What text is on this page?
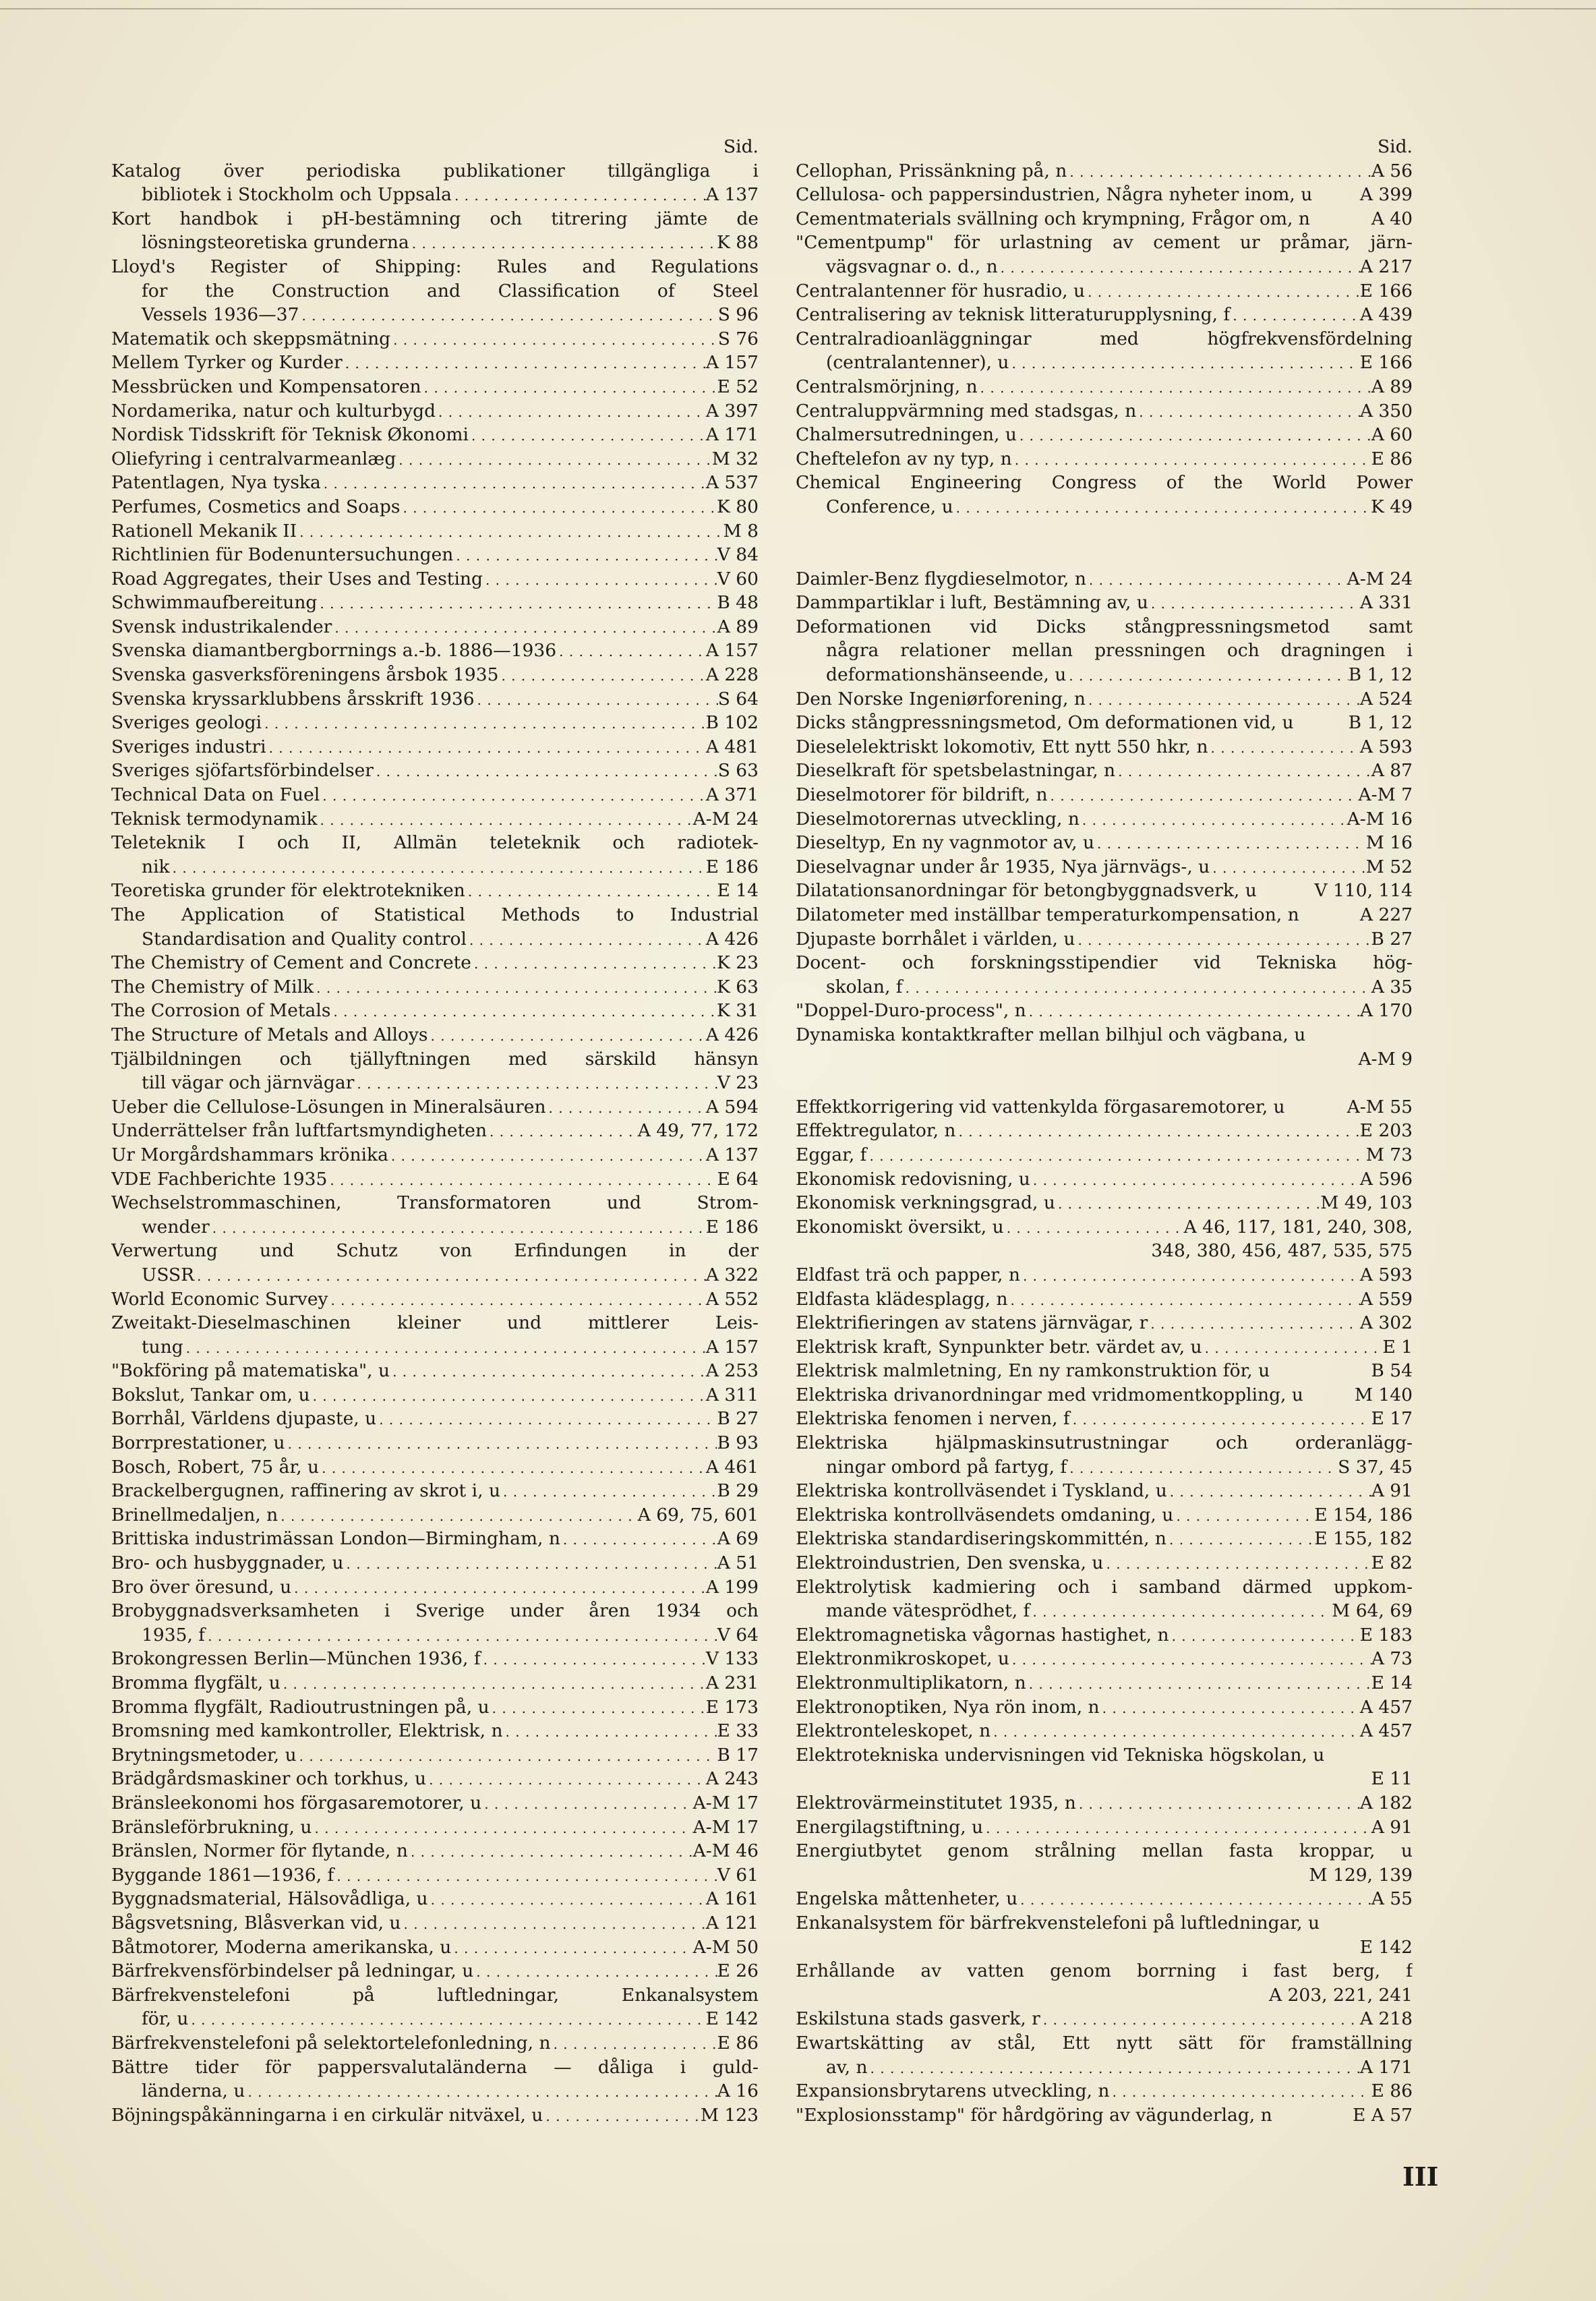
Sid.
Katalog över periodiska publikationer tillgängliga i
bibliotek i Stockholm och Uppsala . . .	A 137
Kort handbok i pH-bestämning och titrering jämte de
lösningsteoretiska grunderna . . .	K 88
Lloyd's Register of Shipping: Rules and Regulations
for the Construction and Classification of Steel
Vessels 1936—37 . . .	S 96
Matematik och skeppsmätning . . .	S 76
Mellem Tyrker og Kurder . . .	A 157
Messbrücken und Kompensatoren . . .	E 52
Nordamerika, natur och kulturbygd . . .	A 397
Nordisk Tidsskrift för Teknisk Økonomi . . .	A 171
Oliefyring i centralvarmeanlæg . . .	M 32
Patentlagen, Nya tyska . . .	A 537
Perfumes, Cosmetics and Soaps . . .	K 80
Rationell Mekanik II . . .	M 8
Richtlinien für Bodenuntersuchungen . . .	V 84
Road Aggregates, their Uses and Testing . . .	V 60
Schwimmaufbereitung . . .	B 48
Svensk industrikalender . . .	A 89
Svenska diamantbergborrnings a.-b. 1886—1936 . . .	A 157
Svenska gasverksföreningens årsbok 1935 . . .	A 228
Svenska kryssarklubbens årsskrift 1936 . . .	S 64
Sveriges geologi . . .	B 102
Sveriges industri . . .	A 481
Sveriges sjöfartsförbindelser . . .	S 63
Technical Data on Fuel . . .	A 371
Teknisk termodynamik . . .	A-M 24
Teleteknik I och II, Allmän teleteknik och radiotek-
nik . . .	E 186
Teoretiska grunder för elektrotekniken . . .	E 14
The Application of Statistical Methods to Industrial
Standardisation and Quality control . . .	A 426
The Chemistry of Cement and Concrete . . .	K 23
The Chemistry of Milk . . .	K 63
The Corrosion of Metals . . .	K 31
The Structure of Metals and Alloys . . .	A 426
Tjälbildningen och tjällyftningen med särskild hänsyn
till vägar och järnvägar . . .	V 23
Ueber die Cellulose-Lösungen in Mineralsäuren . . .	A 594
Underrättelser från luftfartsmyndigheten . . .	A 49, 77, 172
Ur Morgårdshammars krönika . . .	A 137
VDE Fachberichte 1935 . . .	E 64
Wechselstrommaschinen, Transformatoren und Strom-
wender . . .	E 186
Verwertung und Schutz von Erfindungen in der
USSR . . .	A 322
World Economic Survey . . .	A 552
Zweitakt-Dieselmaschinen kleiner und mittlerer Leis-
tung . . .	A 157
"Bokföring på matematiska", u . . .	A 253
Bokslut, Tankar om, u . . .	A 311
Borrhål, Världens djupaste, u . . .	B 27
Borrprestationer, u . . .	B 93
Bosch, Robert, 75 år, u . . .	A 461
Brackelbergugnen, raffinering av skrot i, u . . .	B 29
Brinellmedaljen, n . . .	A 69, 75, 601
Brittiska industrimässan London—Birmingham, n . . .	A 69
Bro- och husbyggnader, u . . .	A 51
Bro över öresund, u . . .	A 199
Brobyggnadsverksamheten i Sverige under åren 1934 och
1935, f . . .	V 64
Brokongressen Berlin—München 1936, f . . .	V 133
Bromma flygfält, u . . .	A 231
Bromma flygfält, Radioutrustningen på, u . . .	E 173
Bromsning med kamkontroller, Elektrisk, n . . .	E 33
Brytningsmetoder, u . . .	B 17
Brädgårdsmaskiner och torkhus, u . . .	A 243
Bränsleekonomi hos förgasaremotorer, u . . .	A-M 17
Bränsleförbrukning, u . . .	A-M 17
Bränslen, Normer för flytande, n . . .	A-M 46
Byggande 1861—1936, f . . .	V 61
Byggnadsmaterial, Hälsovådliga, u . . .	A 161
Bågsvetsning, Blåsverkan vid, u . . .	A 121
Båtmotorer, Moderna amerikanska, u . . .	A-M 50
Bärfrekvensförbindelser på ledningar, u . . .	E 26
Bärfrekvenstelefoni på luftledningar, Enkanalsystem
för, u . . .	E 142
Bärfrekvenstelefoni på selektortelefonledning, n . . .	E 86
Bättre tider för pappersvalutaländerna — dåliga i guld-
länderna, u . . .	A 16
Böjningspåkänningarna i en cirkulär nitväxel, u . . .	M 123
Sid.
Cellophan, Prissänkning på, n . . .	A 56
Cellulosa- och pappersindustrien, Några nyheter inom, u	A 399
Cementmaterials svällning och krympning, Frågor om, n	A 40
"Cementpump" för urlastning av cement ur pråmar, järn-
vägsvagnar o. d., n . . .	A 217
Centralantenner för husradio, u . . .	E 166
Centralisering av teknisk litteraturupplysning, f . . .	A 439
Centralradioanläggningar med högfrekvensfördelning
(centralantenner), u . . .	E 166
Centralsmörjning, n . . .	A 89
Centraluppvärmning med stadsgas, n . . .	A 350
Chalmersutredningen, u . . .	A 60
Cheftelefon av ny typ, n . . .	E 86
Chemical Engineering Congress of the World Power
Conference, u . . .	K 49
Daimler-Benz flygdieselmotor, n . . .	A-M 24
Dammpartiklar i luft, Bestämning av, u . . .	A 331
Deformationen vid Dicks stångpressningsmetod samt
några relationer mellan pressningen och dragningen i
deformationshänseende, u . . .	B 1, 12
Den Norske Ingeniørforening, n . . .	A 524
Dicks stångpressningsmetod, Om deformationen vid, u	B 1, 12
Dieselelektriskt lokomotiv, Ett nytt 550 hkr, n . . .	A 593
Dieselkraft för spetsbelastningar, n . . .	A 87
Dieselmotorer för bildrift, n . . .	A-M 7
Dieselmotorernas utveckling, n . . .	A-M 16
Dieseltyp, En ny vagnmotor av, u . . .	M 16
Dieselvagnar under år 1935, Nya järnvägs-, u . . .	M 52
Dilatationsanordningar för betongbyggnadsverk, u	V 110, 114
Dilatometer med inställbar temperaturkompensation, n	A 227
Djupaste borrhålet i världen, u . . .	B 27
Docent- och forskningsstipendier vid Tekniska hög-
skolan, f . . .	A 35
"Doppel-Duro-process", n . . .	A 170
Dynamiska kontaktkrafter mellan bilhjul och vägbana, u
A-M 9
Effektkorrigering vid vattenkylda förgasaremotorer, u	A-M 55
Effektregulator, n . . .	E 203
Eggar, f . . .	M 73
Ekonomisk redovisning, u . . .	A 596
Ekonomisk verkningsgrad, u . . .	M 49, 103
Ekonomiskt översikt, u . . .	A 46, 117, 181, 240, 308,
348, 380, 456, 487, 535, 575
Eldfast trä och papper, n . . .	A 593
Eldfasta klädesplagg, n . . .	A 559
Elektrifieringen av statens järnvägar, r . . .	A 302
Elektrisk kraft, Synpunkter betr. värdet av, u . . .	E 1
Elektrisk malmletning, En ny ramkonstruktion för, u	B 54
Elektriska drivanordningar med vridmomentkoppling, u	M 140
Elektriska fenomen i nerven, f . . .	E 17
Elektriska hjälpmaskinsutrustningar och orderanlägg-
ningar ombord på fartyg, f . . .	S 37, 45
Elektriska kontrollväsendet i Tyskland, u . . .	A 91
Elektriska kontrollväsendets omdaning, u . . .	E 154, 186
Elektriska standardiseringskommittén, n . . .	E 155, 182
Elektroindustrien, Den svenska, u . . .	E 82
Elektrolytisk kadmiering och i samband därmed uppkom-
mande vätesprödhet, f . . .	M 64, 69
Elektromagnetiska vågornas hastighet, n . . .	E 183
Elektronmikroskopet, u . . .	A 73
Elektronmultiplikatorn, n . . .	E 14
Elektronoptiken, Nya rön inom, n . . .	A 457
Elektronteleskopet, n . . .	A 457
Elektrotekniska undervisningen vid Tekniska högskolan, u
E 11
Elektrovärmeinstitutet 1935, n . . .	A 182
Energilagstiftning, u . . .	A 91
Energiutbytet genom strålning mellan fasta kroppar, u
M 129, 139
Engelska måttenheter, u . . .	A 55
Enkanalsystem för bärfrekvenstelefoni på luftledningar, u
E 142
Erhållande av vatten genom borrning i fast berg, f
A 203, 221, 241
Eskilstuna stads gasverk, r . . .	A 218
Ewartskätting av stål, Ett nytt sätt för framställning
av, n . . .	A 171
Expansionsbrytarens utveckling, n . . .	E 86
"Explosionsstamp" för hårdgöring av vägunderlag, n	E A 57
III
